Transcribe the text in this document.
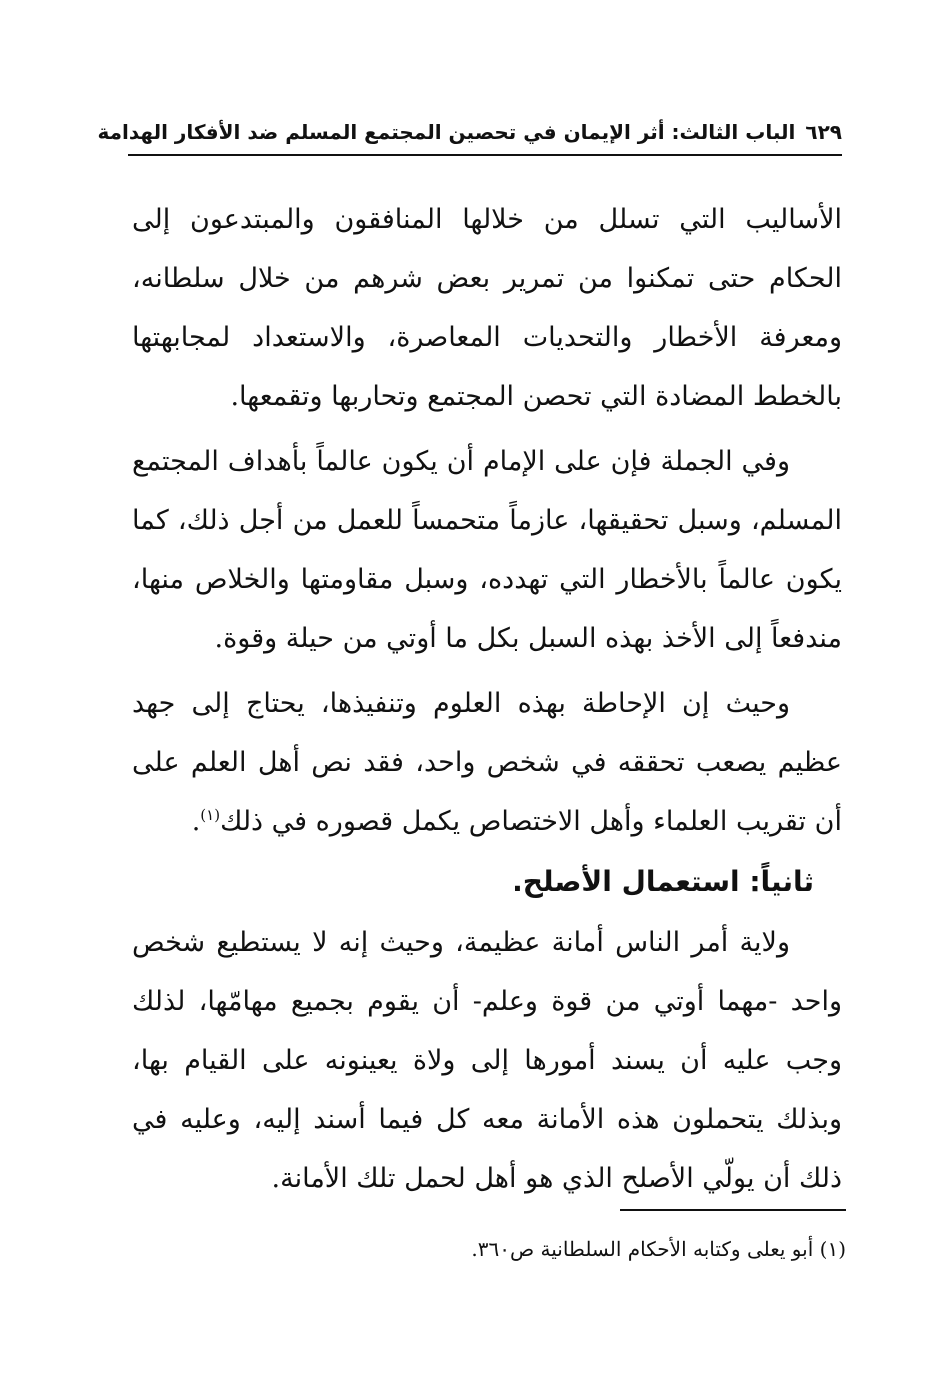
٦٢٩
الباب الثالث: أثر الإيمان في تحصين المجتمع المسلم ضد الأفكار الهدامة

الأساليب التي تسلل من خلالها المنافقون والمبتدعون إلى الحكام حتى تمكنوا من تمرير بعض شرهم من خلال سلطانه، ومعرفة الأخطار والتحديات المعاصرة، والاستعداد لمجابهتها بالخطط المضادة التي تحصن المجتمع وتحاربها وتقمعها.

وفي الجملة فإن على الإمام أن يكون عالماً بأهداف المجتمع المسلم، وسبل تحقيقها، عازماً متحمساً للعمل من أجل ذلك، كما يكون عالماً بالأخطار التي تهدده، وسبل مقاومتها والخلاص منها، مندفعاً إلى الأخذ بهذه السبل بكل ما أوتي من حيلة وقوة.

وحيث إن الإحاطة بهذه العلوم وتنفيذها، يحتاج إلى جهد عظيم يصعب تحققه في شخص واحد، فقد نص أهل العلم على أن تقريب العلماء وأهل الاختصاص يكمل قصوره في ذلك$^{(١)}$.

ثانياً: استعمال الأصلح.

ولاية أمر الناس أمانة عظيمة، وحيث إنه لا يستطيع شخص واحد -مهما أوتي من قوة وعلم- أن يقوم بجميع مهامّها، لذلك وجب عليه أن يسند أمورها إلى ولاة يعينونه على القيام بها، وبذلك يتحملون هذه الأمانة معه كل فيما أسند إليه، وعليه في ذلك أن يولّي الأصلح الذي هو أهل لحمل تلك الأمانة.

(١) أبو يعلى وكتابه الأحكام السلطانية ص٣٦٠.
